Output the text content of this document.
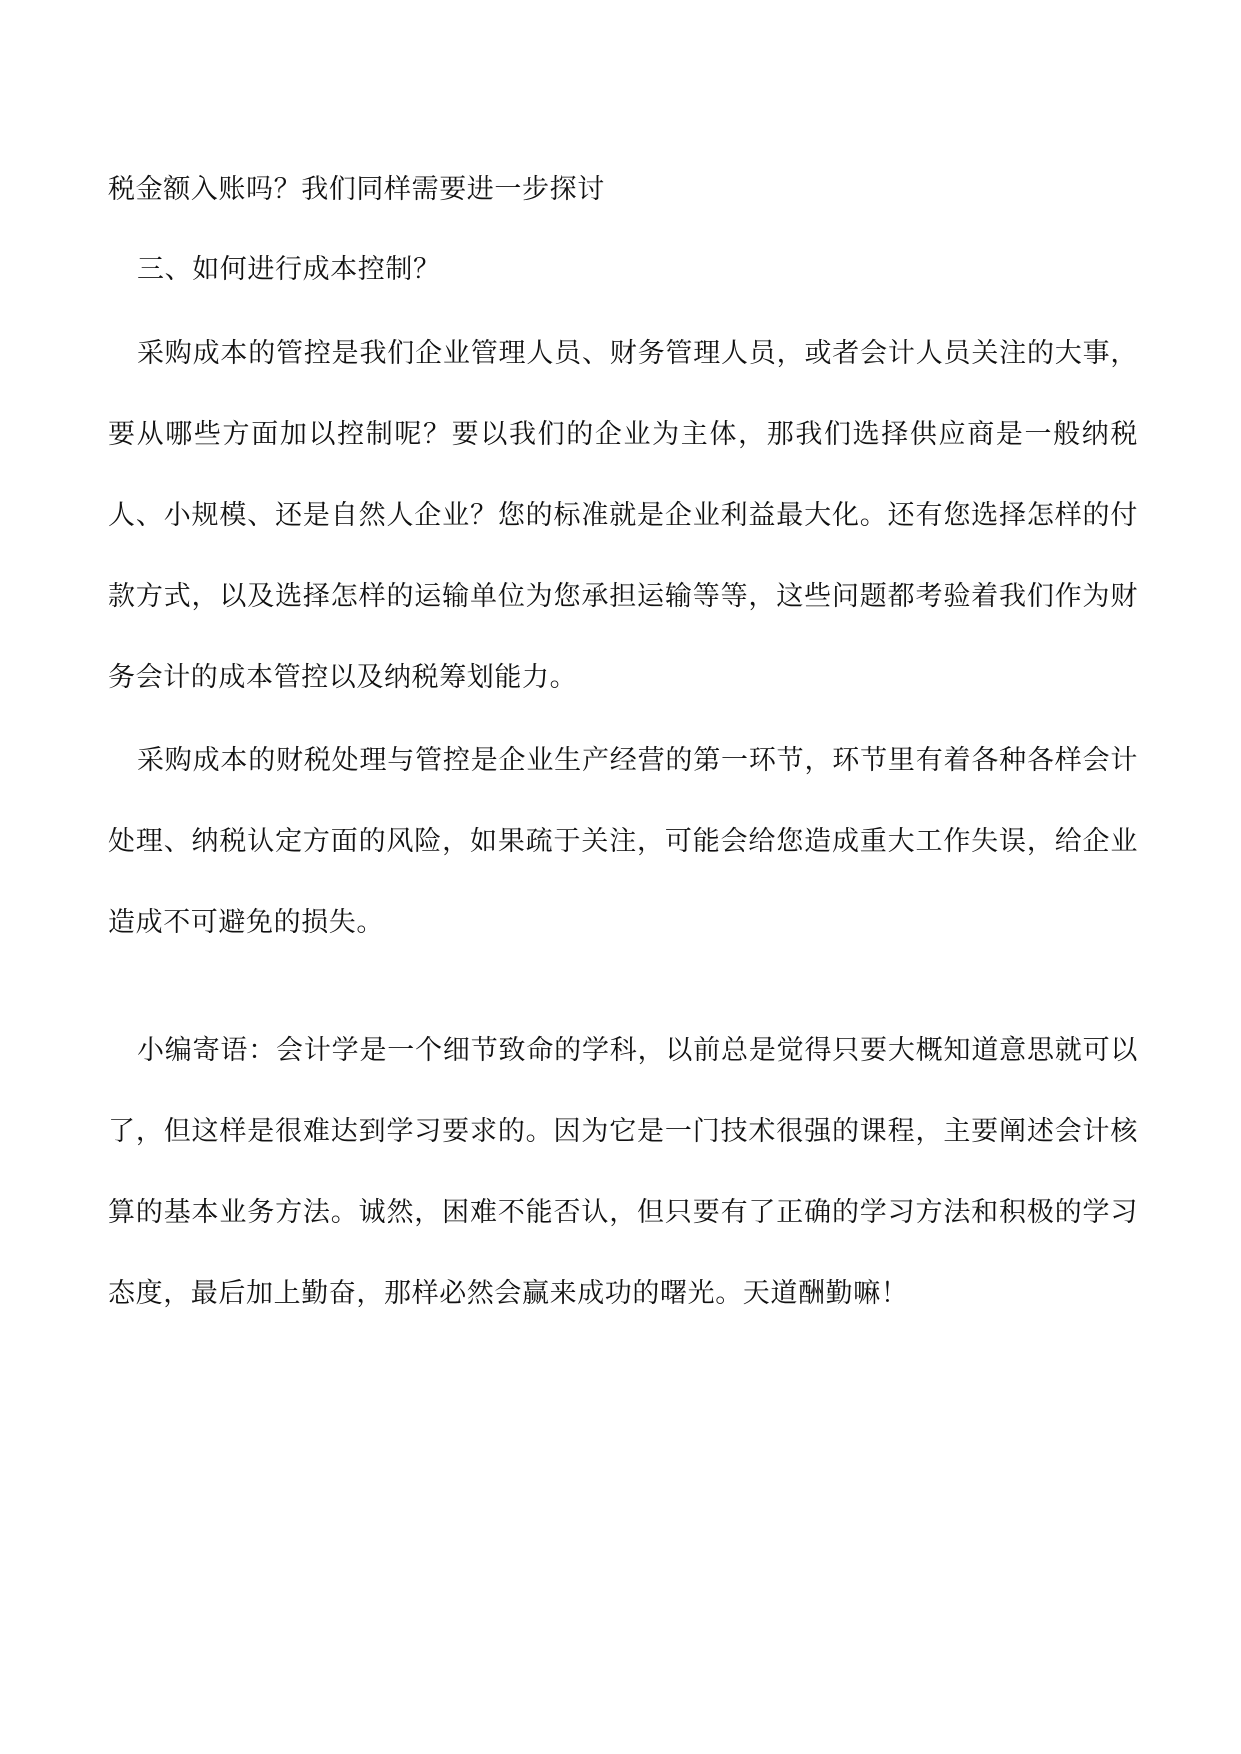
税金额入账吗？我们同样需要进一步探讨

三、如何进行成本控制？

采购成本的管控是我们企业管理人员、财务管理人员，或者会计人员关注的大事，要从哪些方面加以控制呢？要以我们的企业为主体，那我们选择供应商是一般纳税人、小规模、还是自然人企业？您的标准就是企业利益最大化。还有您选择怎样的付款方式，以及选择怎样的运输单位为您承担运输等等，这些问题都考验着我们作为财务会计的成本管控以及纳税筹划能力。

采购成本的财税处理与管控是企业生产经营的第一环节，环节里有着各种各样会计处理、纳税认定方面的风险，如果疏于关注，可能会给您造成重大工作失误，给企业造成不可避免的损失。

小编寄语：会计学是一个细节致命的学科，以前总是觉得只要大概知道意思就可以了，但这样是很难达到学习要求的。因为它是一门技术很强的课程，主要阐述会计核算的基本业务方法。诚然，困难不能否认，但只要有了正确的学习方法和积极的学习态度，最后加上勤奋，那样必然会赢来成功的曙光。天道酬勤嘛！
